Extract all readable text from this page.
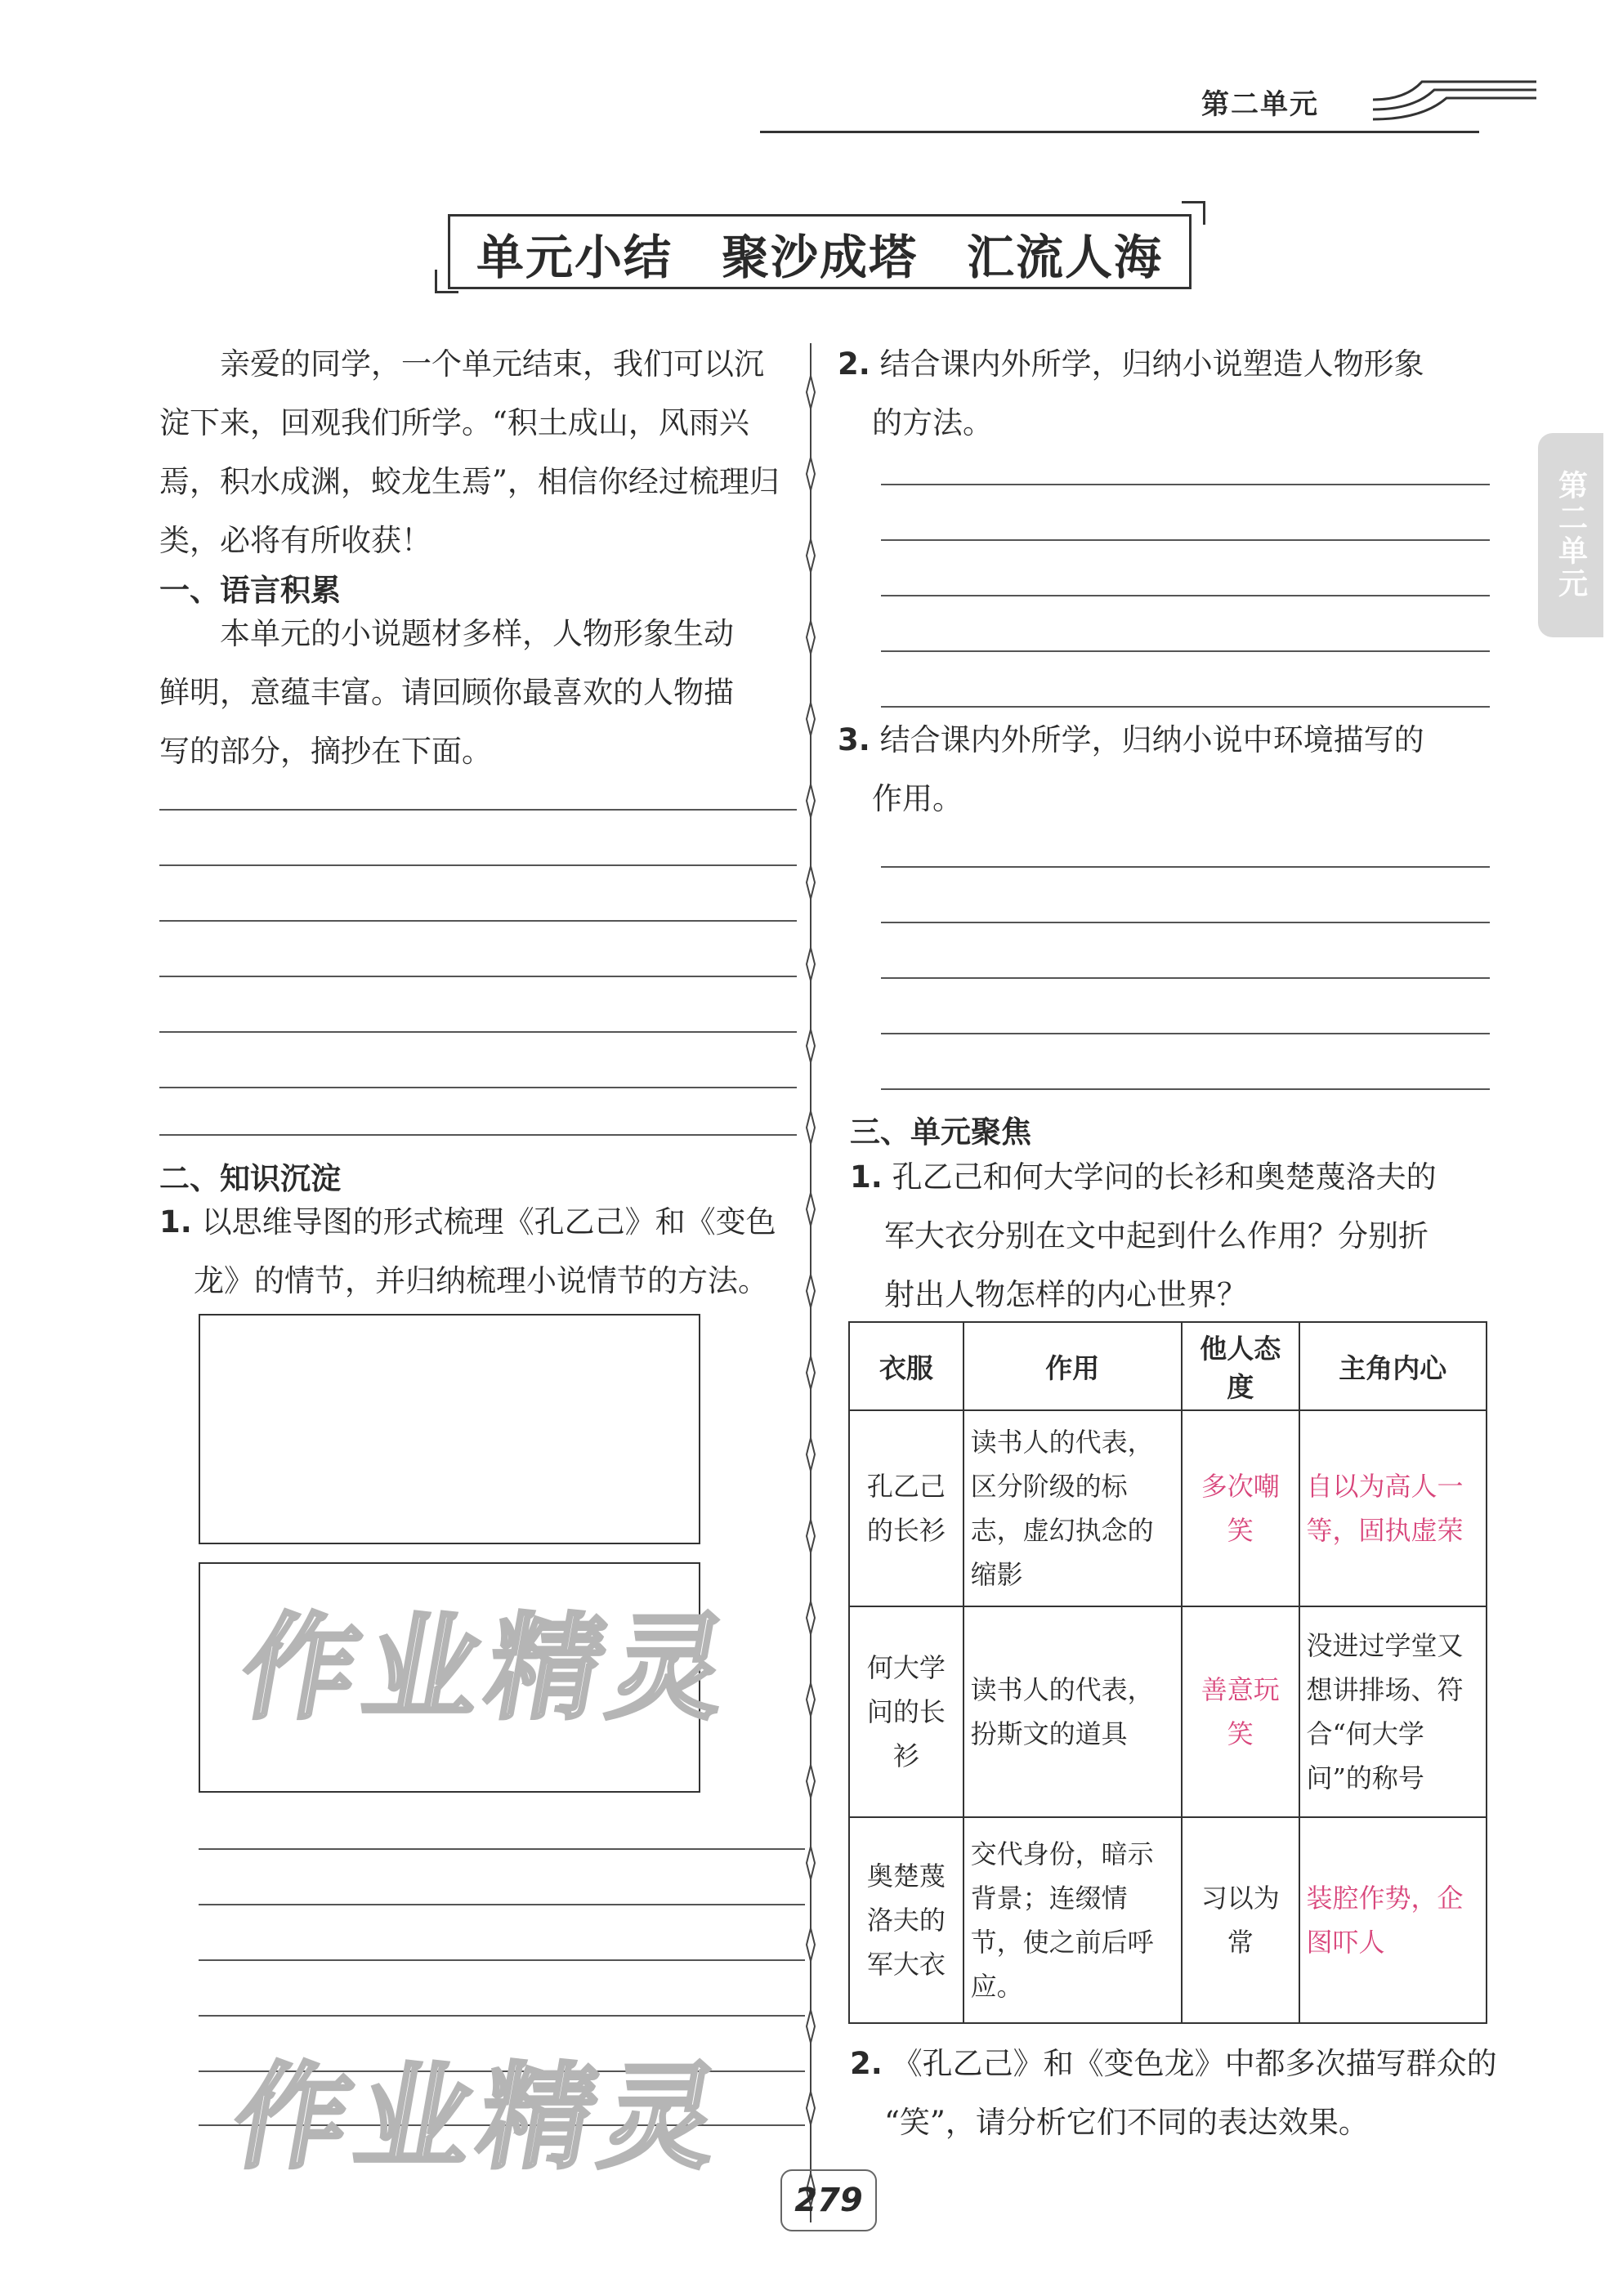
第二单元
第二单元
单元小结　聚沙成塔　汇流人海
亲爱的同学，一个单元结束，我们可以沉
淀下来，回观我们所学。“积土成山，风雨兴
焉，积水成渊，蛟龙生焉”，相信你经过梳理归
类，必将有所收获！
一、语言积累
本单元的小说题材多样，人物形象生动
鲜明，意蕴丰富。请回顾你最喜欢的人物描
写的部分，摘抄在下面。
二、知识沉淀
1. 以思维导图的形式梳理《孔乙己》和《变色
龙》的情节，并归纳梳理小说情节的方法。
作业精灵
作业精灵
2. 结合课内外所学，归纳小说塑造人物形象
的方法。
3. 结合课内外所学，归纳小说中环境描写的
作用。
三、单元聚焦
1. 孔乙己和何大学问的长衫和奥楚蔑洛夫的
军大衣分别在文中起到什么作用？分别折
射出人物怎样的内心世界？
衣服	作用	他人态度	主角内心
孔乙己的长衫	读书人的代表，区分阶级的标志，虚幻执念的缩影	多次嘲笑	自以为高人一等，固执虚荣
何大学问的长衫	读书人的代表，扮斯文的道具	善意玩笑	没进过学堂又想讲排场、符合“何大学问”的称号
奥楚蔑洛夫的军大衣	交代身份，暗示背景；连缀情节，使之前后呼应。	习以为常	装腔作势，企图吓人
2. 《孔乙己》和《变色龙》中都多次描写群众的
“笑”，请分析它们不同的表达效果。
279
